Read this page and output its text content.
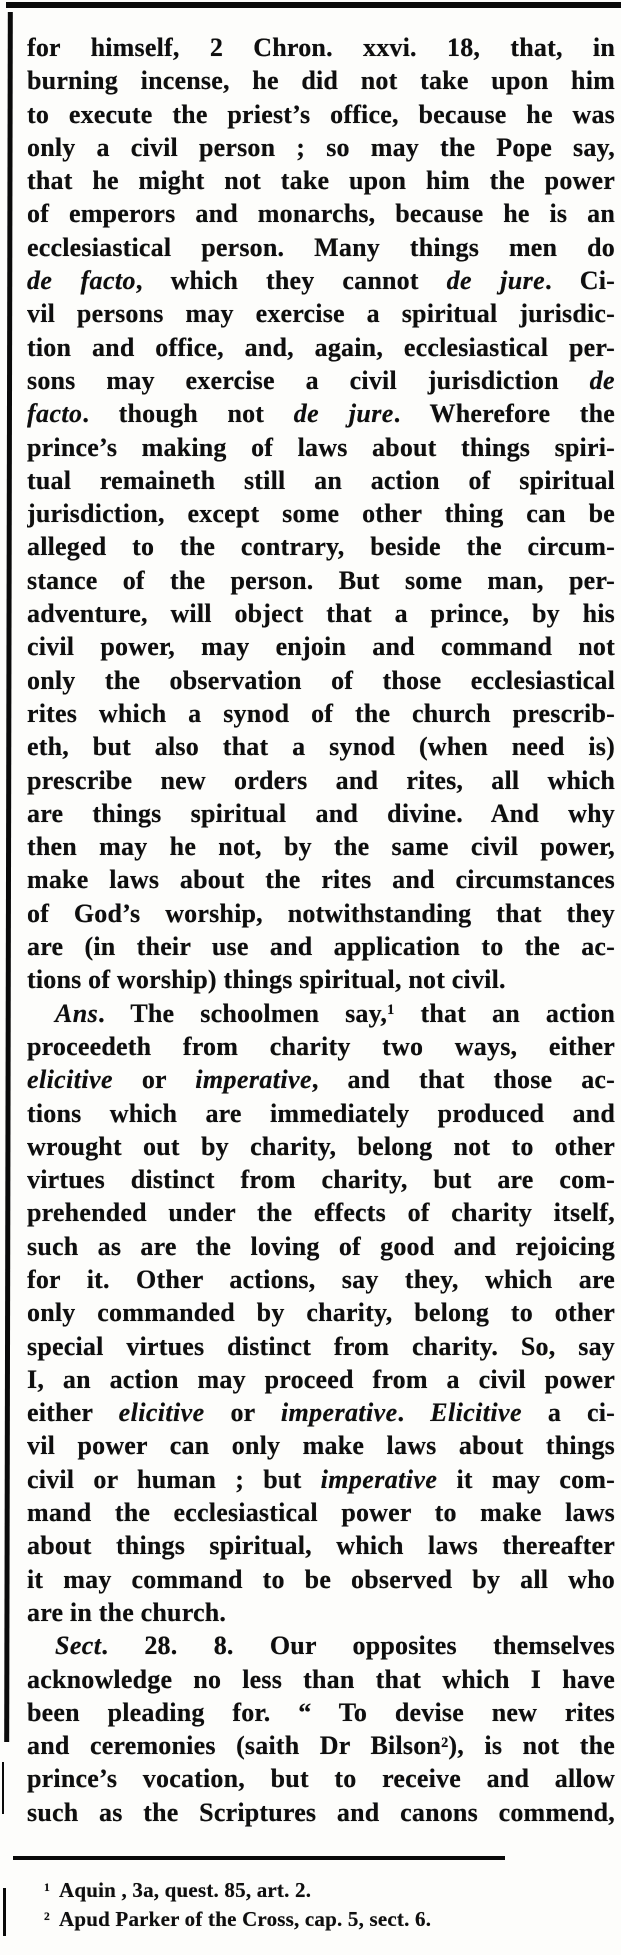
for himself, 2 Chron. xxvi. 18, that, in
burning incense, he did not take upon him
to execute the priest’s office, because he was
only a civil person ; so may the Pope say,
that he might not take upon him the power
of emperors and monarchs, because he is an
ecclesiastical person. Many things men do
de facto, which they cannot de jure. Ci-
vil persons may exercise a spiritual jurisdic-
tion and office, and, again, ecclesiastical per-
sons may exercise a civil jurisdiction de
facto. though not de jure. Wherefore the
prince’s making of laws about things spiri-
tual remaineth still an action of spiritual
jurisdiction, except some other thing can be
alleged to the contrary, beside the circum-
stance of the person. But some man, per-
adventure, will object that a prince, by his
civil power, may enjoin and command not
only the observation of those ecclesiastical
rites which a synod of the church prescrib-
eth, but also that a synod (when need is)
prescribe new orders and rites, all which
are things spiritual and divine. And why
then may he not, by the same civil power,
make laws about the rites and circumstances
of God’s worship, notwithstanding that they
are (in their use and application to the ac-
tions of worship) things spiritual, not civil.
Ans. The schoolmen say,$^1$ that an action
proceedeth from charity two ways, either
elicitive or imperative, and that those ac-
tions which are immediately produced and
wrought out by charity, belong not to other
virtues distinct from charity, but are com-
prehended under the effects of charity itself,
such as are the loving of good and rejoicing
for it. Other actions, say they, which are
only commanded by charity, belong to other
special virtues distinct from charity. So, say
I, an action may proceed from a civil power
either elicitive or imperative. Elicitive a ci-
vil power can only make laws about things
civil or human ; but imperative it may com-
mand the ecclesiastical power to make laws
about things spiritual, which laws thereafter
it may command to be observed by all who
are in the church.
Sect. 28. 8. Our opposites themselves
acknowledge no less than that which I have
been pleading for. “ To devise new rites
and ceremonies (saith Dr Bilson$^2$), is not the
prince’s vocation, but to receive and allow
such as the Scriptures and canons commend,
$^1$ Aquin , 3a, quest. 85, art. 2.
$^2$ Apud Parker of the Cross, cap. 5, sect. 6.
